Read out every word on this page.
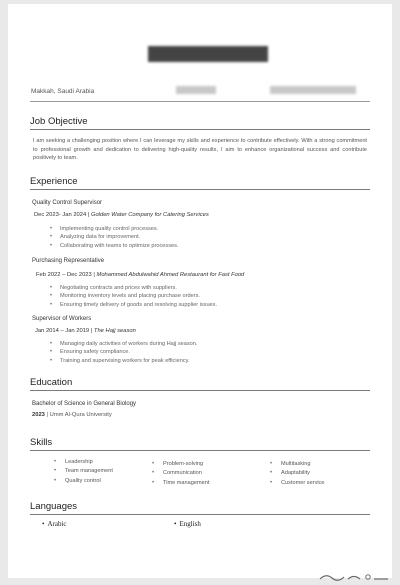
Makkah, Saudi Arabia
Job Objective
I am seeking a challenging position where I can leverage my skills and experience to contribute effectively. With a strong commitment to professional growth and dedication to delivering high-quality results, I aim to enhance organizational success and contribute positively to team.
Experience
Quality Control Supervisor
Dec 2023- Jan 2024 | Golden Water Company for Catering Services
• Implementing quality control processes.
• Analyzing data for improvement.
• Collaborating with teams to optimize processes.
Purchasing Representative
Feb 2022 – Dec 2023 | Mohammed Abdulwahid Ahmed Restaurant for Fast Food
• Negotiating contracts and prices with suppliers.
• Monitoring inventory levels and placing purchase orders.
• Ensuring timely delivery of goods and resolving supplier issues.
Supervisor of Workers
Jan 2014 – Jan 2019 | The Hajj season
• Managing daily activities of workers during Hajj season.
• Ensuring safety compliance.
• Training and supervising workers for peak efficiency.
Education
Bachelor of Science in General Biology
2023 | Umm Al-Qura University
Skills
• Leadership
• Team management
• Quality control
• Problem-solving
• Communication
• Time management
• Multitasking
• Adaptability
• Customer service
Languages
• Arabic	• English
